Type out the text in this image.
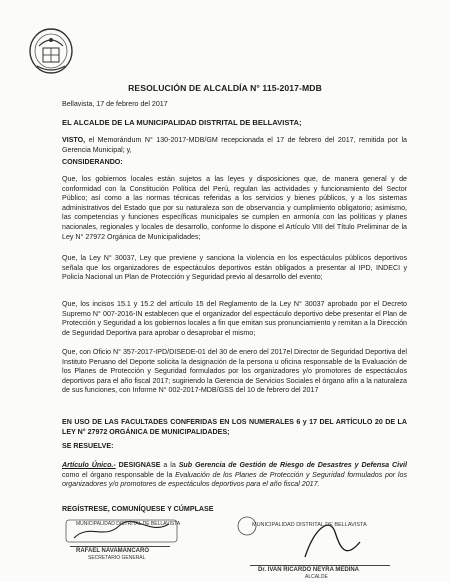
RESOLUCIÓN DE ALCALDÍA N° 115-2017-MDB

Bellavista, 17 de febrero del 2017

EL ALCALDE DE LA MUNICIPALIDAD DISTRITAL DE BELLAVISTA;

VISTO, el Memorándum N° 130-2017-MDB/GM recepcionada el 17 de febrero del 2017, remitida por la Gerencia Municipal; y,

CONSIDERANDO:

Que, los gobiernos locales están sujetos a las leyes y disposiciones que, de manera general y de conformidad con la Constitución Política del Perú, regulan las actividades y funcionamiento del Sector Público; así como a las normas técnicas referidas a los servicios y bienes públicos, y a los sistemas administrativos del Estado que por su naturaleza son de observancia y cumplimiento obligatorio; asimismo, las competencias y funciones específicas municipales se cumplen en armonía con las políticas y planes nacionales, regionales y locales de desarrollo, conforme lo dispone el Artículo VIII del Título Preliminar de la Ley N° 27972 Orgánica de Municipalidades;

Que, la Ley N° 30037, Ley que previene y sanciona la violencia en los espectáculos públicos deportivos señala que los organizadores de espectáculos deportivos están obligados a presentar al IPD, INDECI y Policía Nacional un Plan de Protección y Seguridad previo al desarrollo del evento;

Que, los incisos 15.1 y 15.2 del artículo 15 del Reglamento de la Ley N° 30037 aprobado por el Decreto Supremo N° 007-2016-IN establecen que el organizador del espectáculo deportivo debe presentar el Plan de Protección y Seguridad a los gobiernos locales a fin que emitan sus pronunciamiento y remitan a la Dirección de Seguridad Deportiva para aprobar o desaprobar el mismo;

Que, con Oficio N° 357-2017-IPD/DISEDE-01 del 30 de enero del 2017el Director de Seguridad Deportiva del Instituto Peruano del Deporte solicita la designación de la persona u oficina responsable de la Evaluación de los Planes de Protección y Seguridad formulados por los organizadores y/o promotores de espectáculos deportivos para el año fiscal 2017; sugiriendo la Gerencia de Servicios Sociales el órgano afín a la naturaleza de sus funciones, con Informe N° 002-2017-MDB/GSS del 10 de febrero del 2017

EN USO DE LAS FACULTADES CONFERIDAS EN LOS NUMERALES 6 y 17 DEL ARTÍCULO 20 DE LA LEY N° 27972 ORGÁNICA DE MUNICIPALIDADES;

SE RESUELVE:

Artículo Único.- DESIGNASE a la Sub Gerencia de Gestión de Riesgo de Desastres y Defensa Civil como el órgano responsable de la Evaluación de los Planes de Protección y Seguridad formulados por los organizadores y/o promotores de espectáculos deportivos para el año fiscal 2017.

REGÍSTRESE, COMUNÍQUESE Y CÚMPLASE

MUNICIPALIDAD DISTRITAL DE BELLAVISTA
RAFAEL NAVAMANCARO
SECRETARIO GENERAL
MUNICIPALIDAD DISTRITAL DE BELLAVISTA
Dr. IVAN RICARDO NEYRA MEDINA
ALCALDE
